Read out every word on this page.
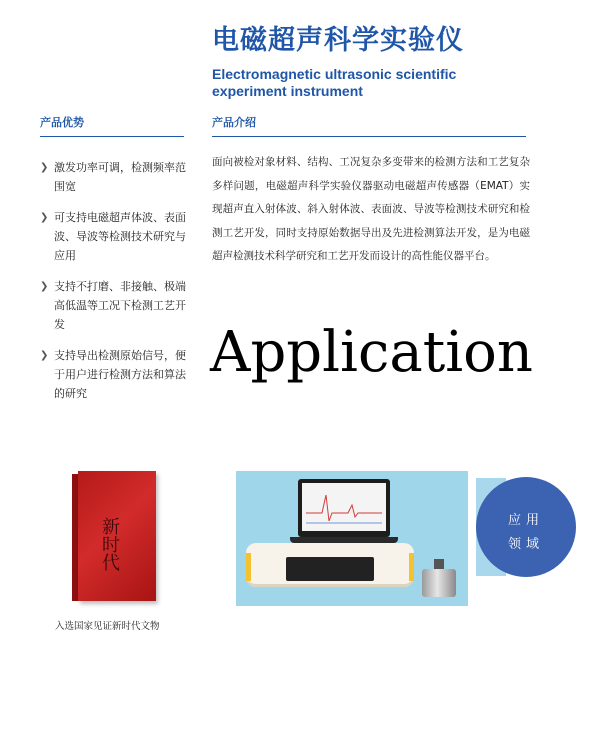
电磁超声科学实验仪
Electromagnetic ultrasonic scientific experiment instrument
产品优势	产品介绍
❯ 激发功率可调，检测频率范围宽
❯ 可支持电磁超声体波、表面波、导波等检测技术研究与应用
❯ 支持不打磨、非接触、极端高低温等工况下检测工艺开发
❯ 支持导出检测原始信号，便于用户进行检测方法和算法的研究
面向被检对象材料、结构、工况复杂多变带来的检测方法和工艺复杂多样问题，电磁超声科学实验仪器驱动电磁超声传感器（EMAT）实现超声直入射体波、斜入射体波、表面波、导波等检测技术研究和检测工艺开发，同时支持原始数据导出及先进检测算法开发，是为电磁超声检测技术科学研究和工艺开发而设计的高性能仪器平台。
Application
新时代
入选国家见证新时代文物
应用
领域
